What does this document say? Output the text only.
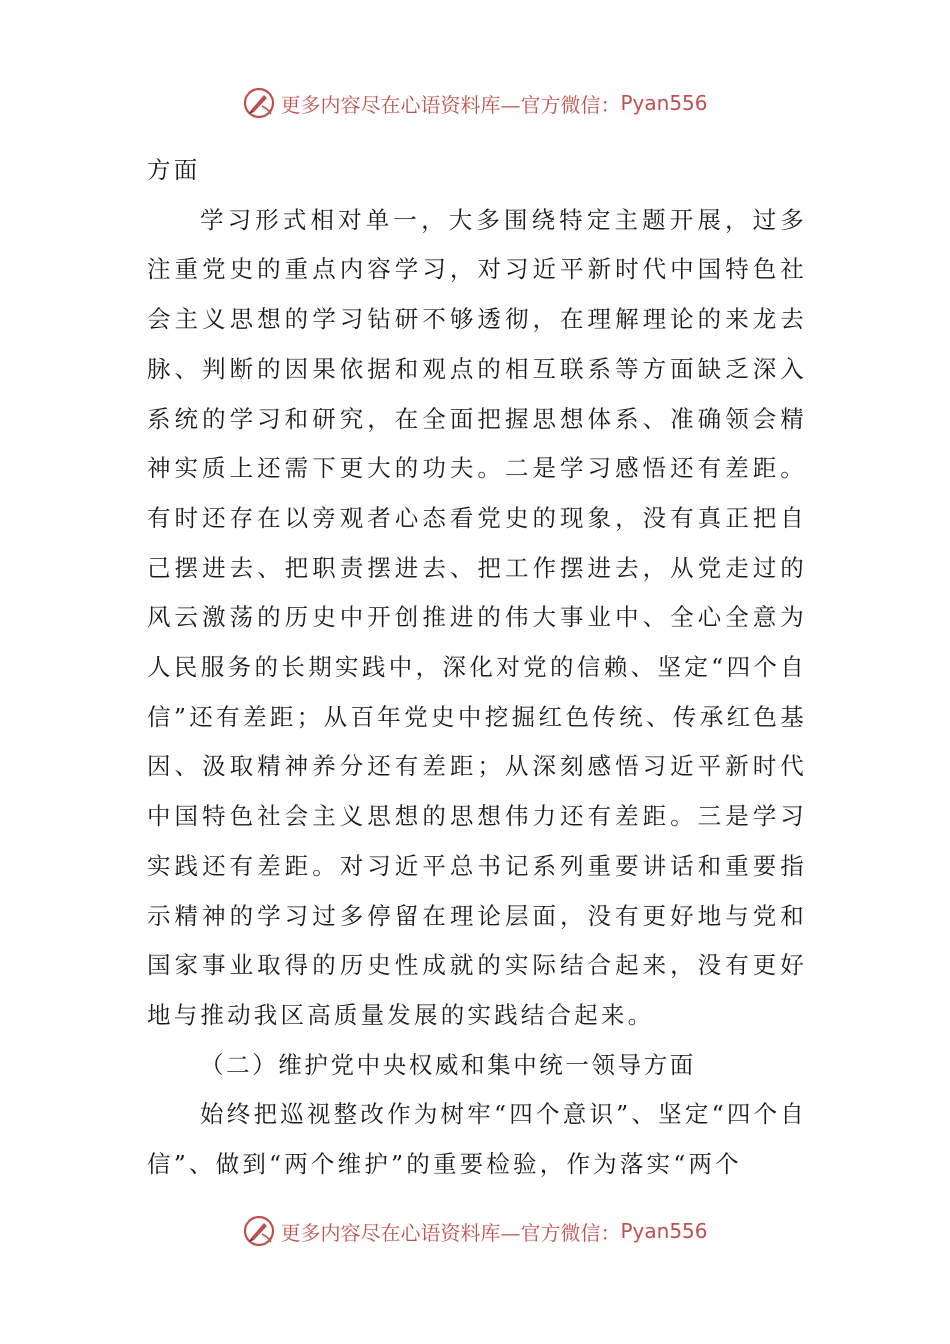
更多内容尽在心语资料库—官方微信： Pyan556

方面

学习形式相对单一，大多围绕特定主题开展，过多注重党史的重点内容学习，对习近平新时代中国特色社会主义思想的学习钻研不够透彻，在理解理论的来龙去脉、判断的因果依据和观点的相互联系等方面缺乏深入系统的学习和研究，在全面把握思想体系、准确领会精神实质上还需下更大的功夫。二是学习感悟还有差距。有时还存在以旁观者心态看党史的现象，没有真正把自己摆进去、把职责摆进去、把工作摆进去，从党走过的风云激荡的历史中开创推进的伟大事业中、全心全意为人民服务的长期实践中，深化对党的信赖、坚定“四个自信”还有差距；从百年党史中挖掘红色传统、传承红色基因、汲取精神养分还有差距；从深刻感悟习近平新时代中国特色社会主义思想的思想伟力还有差距。三是学习实践还有差距。对习近平总书记系列重要讲话和重要指示精神的学习过多停留在理论层面，没有更好地与党和国家事业取得的历史性成就的实际结合起来，没有更好地与推动我区高质量发展的实践结合起来。

（二）维护党中央权威和集中统一领导方面

始终把巡视整改作为树牢“四个意识”、坚定“四个自信”、做到“两个维护”的重要检验，作为落实“两个

更多内容尽在心语资料库—官方微信： Pyan556
